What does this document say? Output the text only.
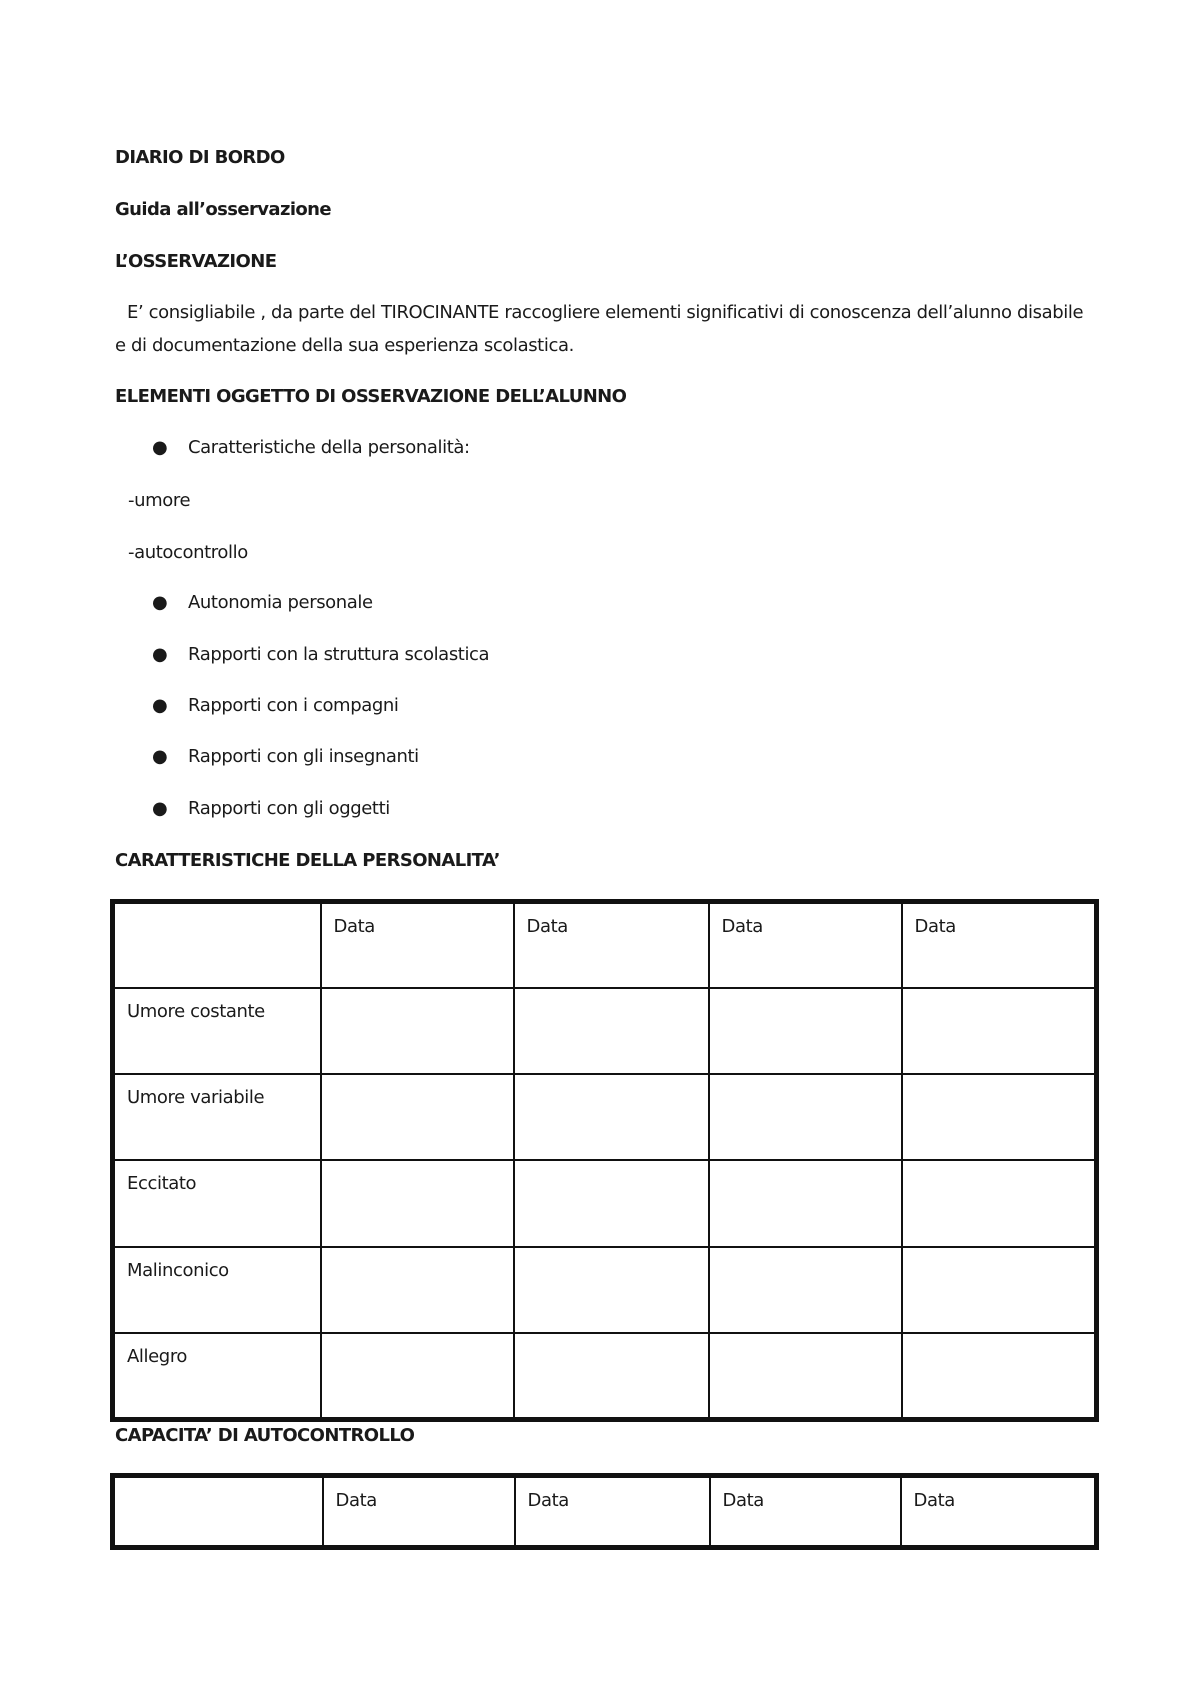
DIARIO DI BORDO

Guida all’osservazione

L’OSSERVAZIONE

E’ consigliabile , da parte del TIROCINANTE raccogliere elementi significativi di conoscenza dell’alunno disabile e di documentazione della sua esperienza scolastica.

ELEMENTI OGGETTO DI OSSERVAZIONE DELL’ALUNNO

● Caratteristiche della personalità:

-umore

-autocontrollo

● Autonomia personale
● Rapporti con la struttura scolastica
● Rapporti con i compagni
● Rapporti con gli insegnanti
● Rapporti con gli oggetti

CARATTERISTICHE DELLA PERSONALITA’

	Data	Data	Data	Data
Umore costante				
Umore variabile				
Eccitato				
Malinconico				
Allegro				

CAPACITA’ DI AUTOCONTROLLO

	Data	Data	Data	Data
